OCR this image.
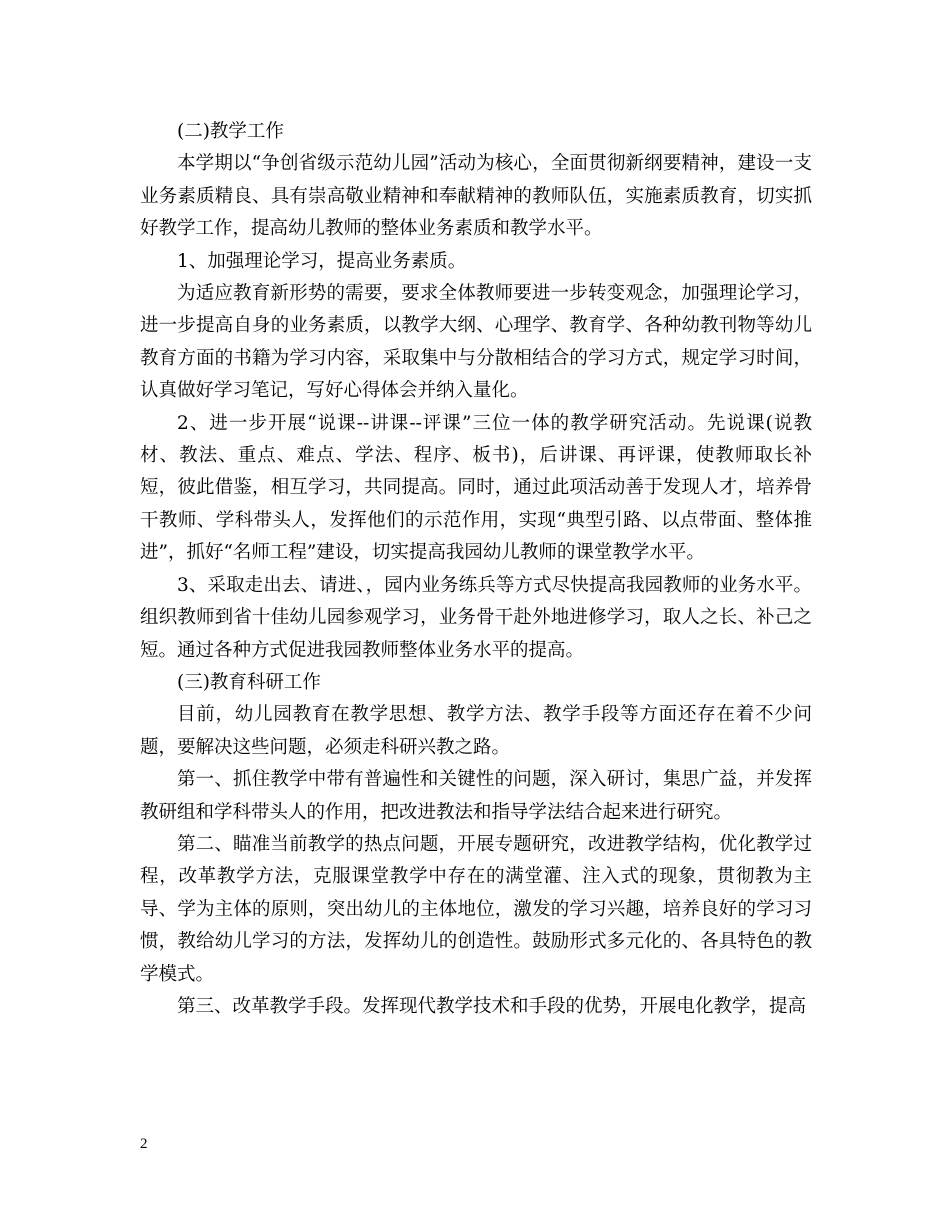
(二)教学工作

本学期以“争创省级示范幼儿园”活动为核心，全面贯彻新纲要精神，建设一支业务素质精良、具有崇高敬业精神和奉献精神的教师队伍，实施素质教育，切实抓好教学工作，提高幼儿教师的整体业务素质和教学水平。

1、加强理论学习，提高业务素质。

为适应教育新形势的需要，要求全体教师要进一步转变观念，加强理论学习，进一步提高自身的业务素质，以教学大纲、心理学、教育学、各种幼教刊物等幼儿教育方面的书籍为学习内容，采取集中与分散相结合的学习方式，规定学习时间，认真做好学习笔记，写好心得体会并纳入量化。

2、进一步开展“说课--讲课--评课”三位一体的教学研究活动。先说课(说教材、教法、重点、难点、学法、程序、板书)，后讲课、再评课，使教师取长补短，彼此借鉴，相互学习，共同提高。同时，通过此项活动善于发现人才，培养骨干教师、学科带头人，发挥他们的示范作用，实现“典型引路、以点带面、整体推进”，抓好“名师工程”建设，切实提高我园幼儿教师的课堂教学水平。

3、采取走出去、请进、，园内业务练兵等方式尽快提高我园教师的业务水平。组织教师到省十佳幼儿园参观学习，业务骨干赴外地进修学习，取人之长、补己之短。通过各种方式促进我园教师整体业务水平的提高。

(三)教育科研工作

目前，幼儿园教育在教学思想、教学方法、教学手段等方面还存在着不少问题，要解决这些问题，必须走科研兴教之路。

第一、抓住教学中带有普遍性和关键性的问题，深入研讨，集思广益，并发挥教研组和学科带头人的作用，把改进教法和指导学法结合起来进行研究。

第二、瞄准当前教学的热点问题，开展专题研究，改进教学结构，优化教学过程，改革教学方法，克服课堂教学中存在的满堂灌、注入式的现象，贯彻教为主导、学为主体的原则，突出幼儿的主体地位，激发的学习兴趣，培养良好的学习习惯，教给幼儿学习的方法，发挥幼儿的创造性。鼓励形式多元化的、各具特色的教学模式。

第三、改革教学手段。发挥现代教学技术和手段的优势，开展电化教学，提高

2
